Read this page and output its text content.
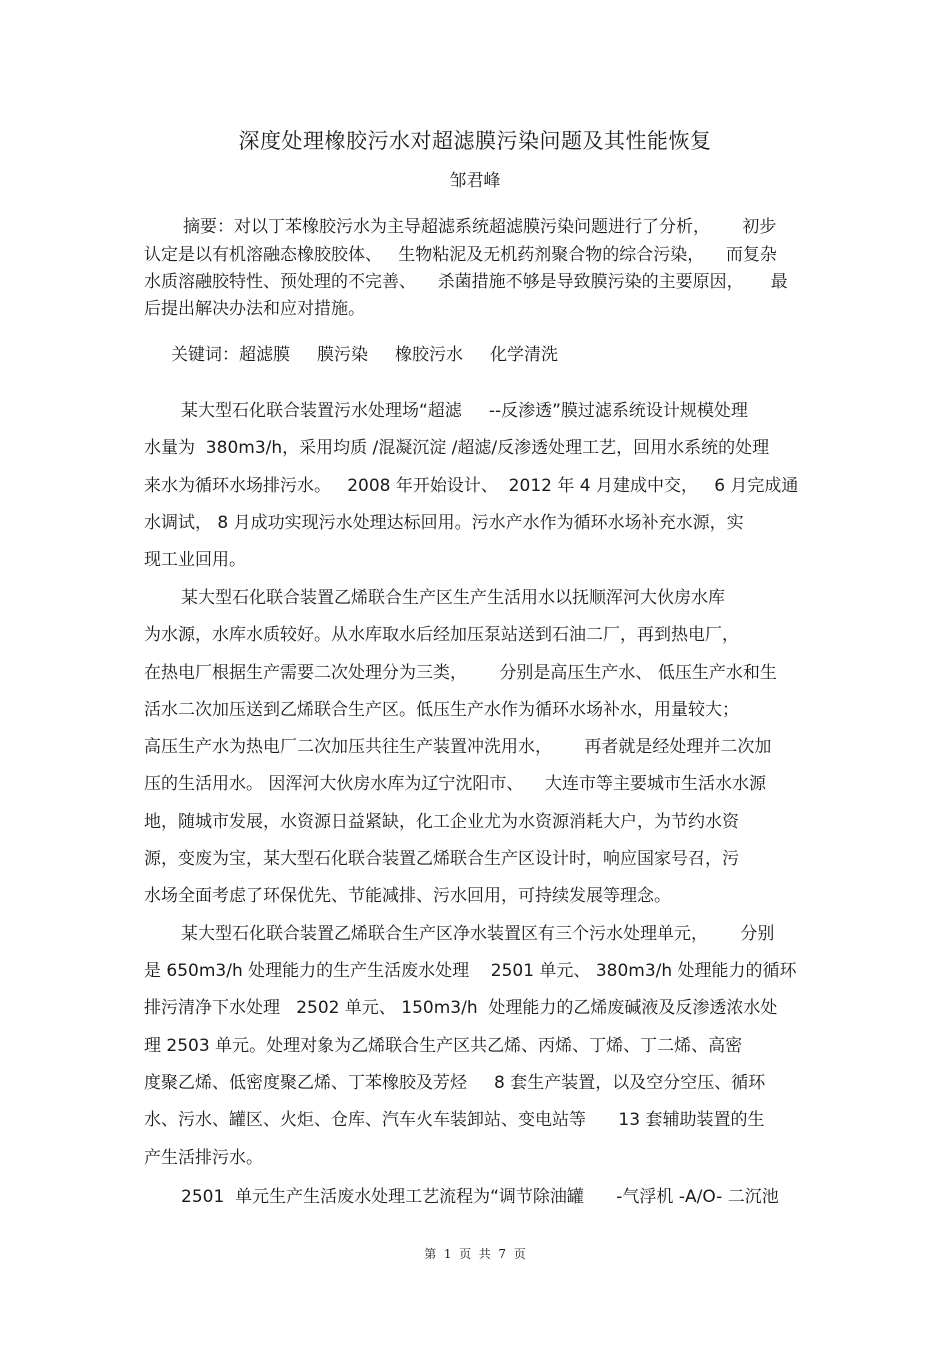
深度处理橡胶污水对超滤膜污染问题及其性能恢复
邹君峰
摘要：对以丁苯橡胶污水为主导超滤系统超滤膜污染问题进行了分析，      初步
认定是以有机溶融态橡胶胶体、   生物粘泥及无机药剂聚合物的综合污染，    而复杂
水质溶融胶特性、预处理的不完善、    杀菌措施不够是导致膜污染的主要原因，     最
后提出解决办法和应对措施。
关键词：超滤膜     膜污染     橡胶污水     化学清洗
某大型石化联合装置污水处理场“超滤     --反渗透”膜过滤系统设计规模处理
水量为  380m3/h，采用均质 /混凝沉淀 /超滤/反渗透处理工艺，回用水系统的处理
来水为循环水场排污水。   2008 年开始设计、  2012 年 4 月建成中交，   6 月完成通
水调试， 8 月成功实现污水处理达标回用。污水产水作为循环水场补充水源，实
现工业回用。
某大型石化联合装置乙烯联合生产区生产生活用水以抚顺浑河大伙房水库
为水源，水库水质较好。从水库取水后经加压泵站送到石油二厂，再到热电厂，
在热电厂根据生产需要二次处理分为三类，      分别是高压生产水、 低压生产水和生
活水二次加压送到乙烯联合生产区。低压生产水作为循环水场补水，用量较大；
高压生产水为热电厂二次加压共往生产装置冲洗用水，      再者就是经处理并二次加
压的生活用水。 因浑河大伙房水库为辽宁沈阳市、    大连市等主要城市生活水水源
地，随城市发展，水资源日益紧缺，化工企业尤为水资源消耗大户，为节约水资
源，变废为宝，某大型石化联合装置乙烯联合生产区设计时，响应国家号召，污
水场全面考虑了环保优先、节能减排、污水回用，可持续发展等理念。
某大型石化联合装置乙烯联合生产区净水装置区有三个污水处理单元，      分别
是 650m3/h 处理能力的生产生活废水处理    2501 单元、 380m3/h 处理能力的循环
排污清净下水处理   2502 单元、 150m3/h  处理能力的乙烯废碱液及反渗透浓水处
理 2503 单元。处理对象为乙烯联合生产区共乙烯、丙烯、丁烯、丁二烯、高密
度聚乙烯、低密度聚乙烯、丁苯橡胶及芳烃     8 套生产装置，以及空分空压、循环
水、污水、罐区、火炬、仓库、汽车火车装卸站、变电站等      13 套辅助装置的生
产生活排污水。
2501  单元生产生活废水处理工艺流程为“调节除油罐      -气浮机 -A/O- 二沉池
第  1  页  共  7  页
